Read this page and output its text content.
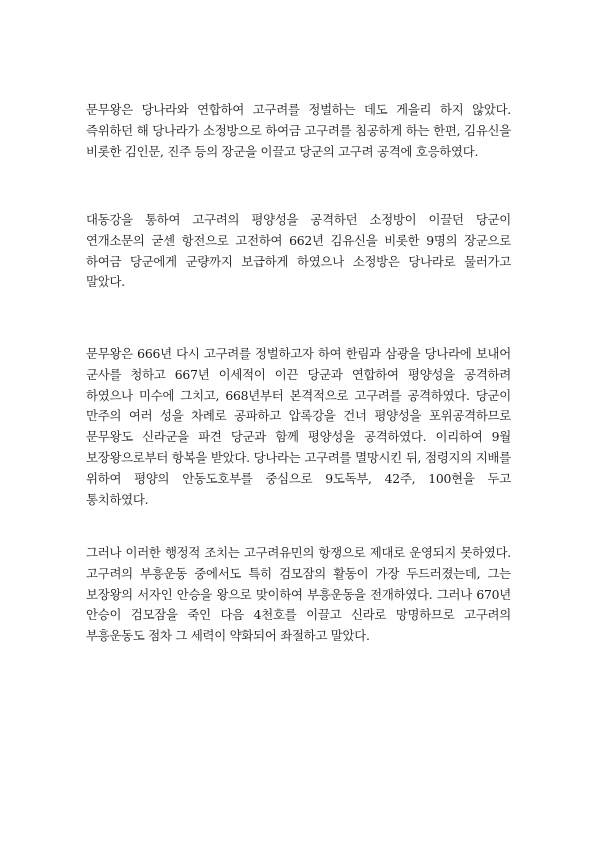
문무왕은 당나라와 연합하여 고구려를 정벌하는 데도 게을리 하지 않았다. 즉위하던 해 당나라가 소정방으로 하여금 고구려를 침공하게 하는 한편, 김유신을 비롯한 김인문, 진주 등의 장군을 이끌고 당군의 고구려 공격에 호응하였다.

대동강을 통하여 고구려의 평양성을 공격하던 소정방이 이끌던 당군이 연개소문의 굳센 항전으로 고전하여 662년 김유신을 비롯한 9명의 장군으로 하여금 당군에게 군량까지 보급하게 하였으나 소정방은 당나라로 물러가고 말았다.

문무왕은 666년 다시 고구려를 정벌하고자 하여 한림과 삼광을 당나라에 보내어 군사를 청하고 667년 이세적이 이끈 당군과 연합하여 평양성을 공격하려 하였으나 미수에 그치고, 668년부터 본격적으로 고구려를 공격하였다. 당군이 만주의 여러 성을 차례로 공파하고 압록강을 건너 평양성을 포위공격하므로 문무왕도 신라군을 파견 당군과 함께 평양성을 공격하였다. 이리하여 9월 보장왕으로부터 항복을 받았다. 당나라는 고구려를 멸망시킨 뒤, 점령지의 지배를 위하여 평양의 안동도호부를 중심으로 9도독부, 42주, 100현을 두고 통치하였다.

그러나 이러한 행정적 조치는 고구려유민의 항쟁으로 제대로 운영되지 못하였다. 고구려의 부흥운동 중에서도 특히 검모잠의 활동이 가장 두드러졌는데, 그는 보장왕의 서자인 안승을 왕으로 맞이하여 부흥운동을 전개하였다. 그러나 670년 안승이 검모잠을 죽인 다음 4천호를 이끌고 신라로 망명하므로 고구려의 부흥운동도 점차 그 세력이 약화되어 좌절하고 말았다.
